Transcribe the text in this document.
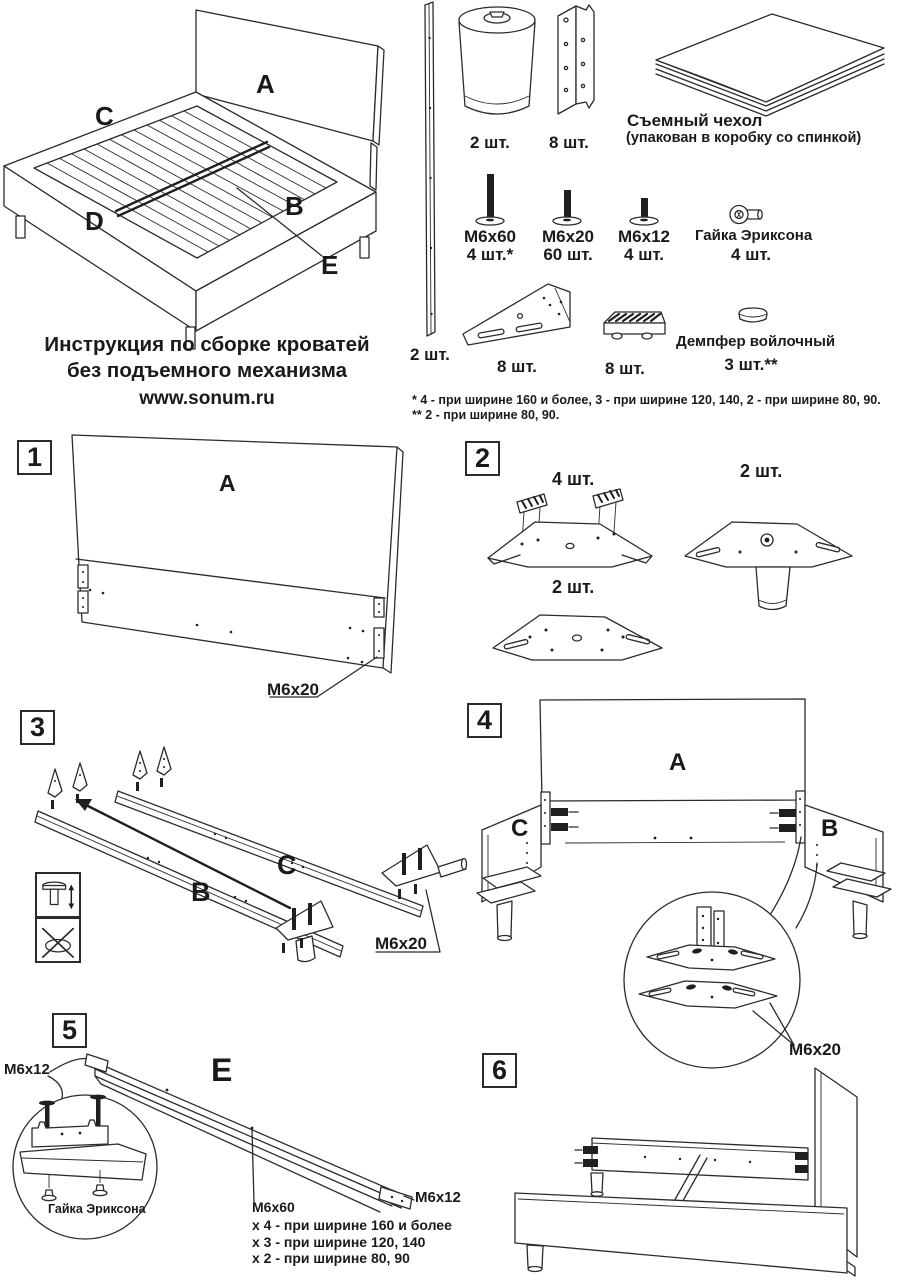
A
C
B
D
E
Инструкция по сборке кроватей
без подъемного механизма
www.sonum.ru
2 шт.
2 шт. 8 шт.
Съемный чехол
(упакован в коробку со спинкой)
М6х60
4 шт.*
М6х20
60 шт.
М6х12
4 шт.
Гайка Эриксона
4 шт.
8 шт.	8 шт.
Демпфер войлочный
3 шт.**
* 4 - при ширине 160 и более, 3 - при ширине 120, 140, 2 - при ширине 80, 90.
** 2 - при ширине 80, 90.
1
A
M6x20
2
4 шт.	2 шт.
2 шт.
3
B
C
M6x20
4
A
C	B
M6x20
5
E
M6x12
M6x12
Гайка Эриксона	M6x60
x 4 - при ширине 160 и более
x 3 - при ширине 120, 140
x 2 - при ширине 80, 90
6
